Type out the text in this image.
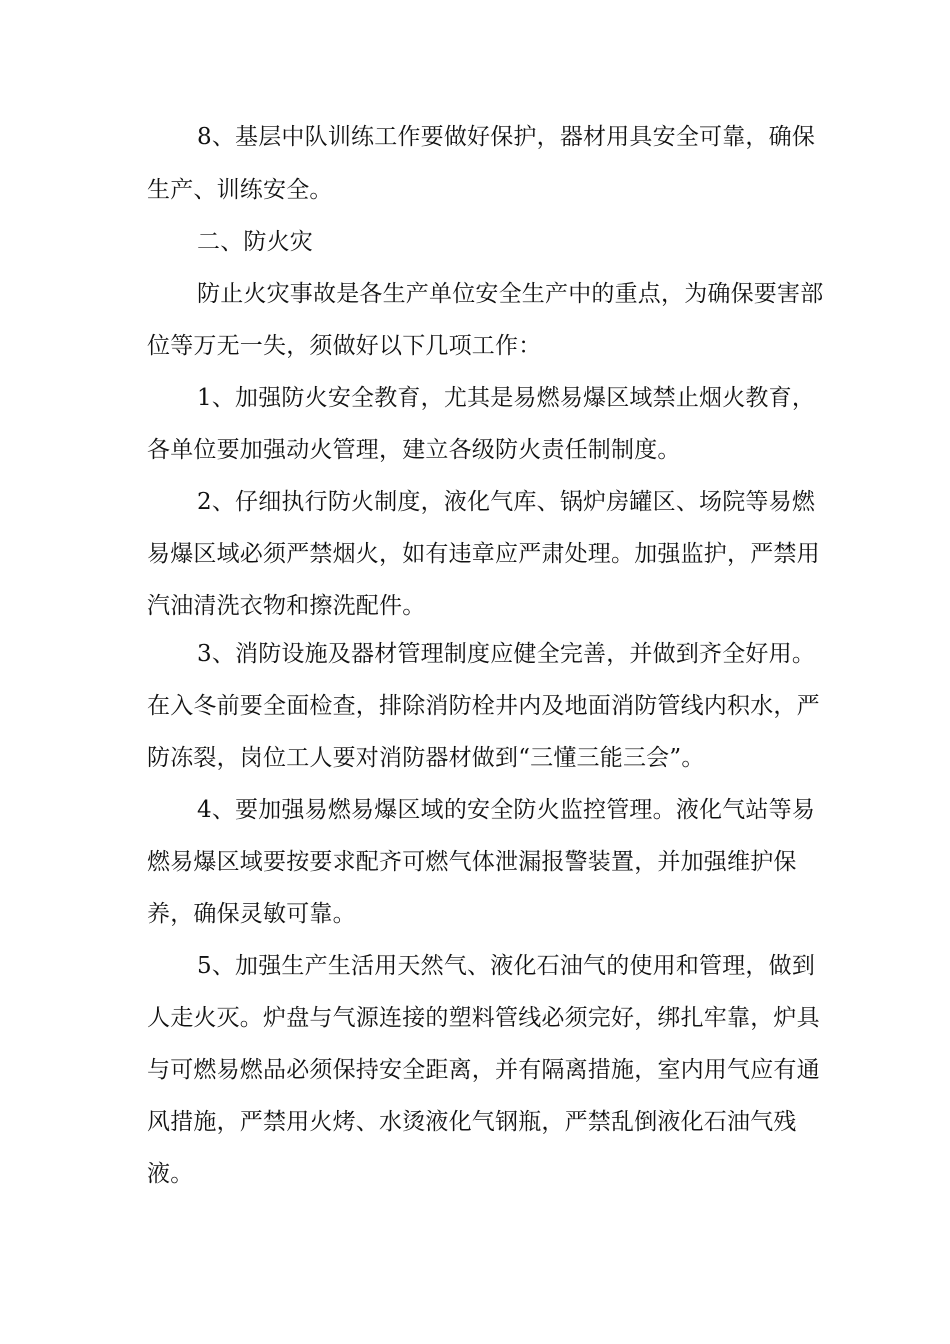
8、基层中队训练工作要做好保护，器材用具安全可靠，确保
生产、训练安全。
二、防火灾
防止火灾事故是各生产单位安全生产中的重点，为确保要害部
位等万无一失，须做好以下几项工作：
1、加强防火安全教育，尤其是易燃易爆区域禁止烟火教育，
各单位要加强动火管理，建立各级防火责任制制度。
2、仔细执行防火制度，液化气库、锅炉房罐区、场院等易燃
易爆区域必须严禁烟火，如有违章应严肃处理。加强监护，严禁用
汽油清洗衣物和擦洗配件。
3、消防设施及器材管理制度应健全完善，并做到齐全好用。
在入冬前要全面检查，排除消防栓井内及地面消防管线内积水，严
防冻裂，岗位工人要对消防器材做到“三懂三能三会”。
4、要加强易燃易爆区域的安全防火监控管理。液化气站等易
燃易爆区域要按要求配齐可燃气体泄漏报警装置，并加强维护保
养，确保灵敏可靠。
5、加强生产生活用天然气、液化石油气的使用和管理，做到
人走火灭。炉盘与气源连接的塑料管线必须完好，绑扎牢靠，炉具
与可燃易燃品必须保持安全距离，并有隔离措施，室内用气应有通
风措施，严禁用火烤、水烫液化气钢瓶，严禁乱倒液化石油气残
液。
